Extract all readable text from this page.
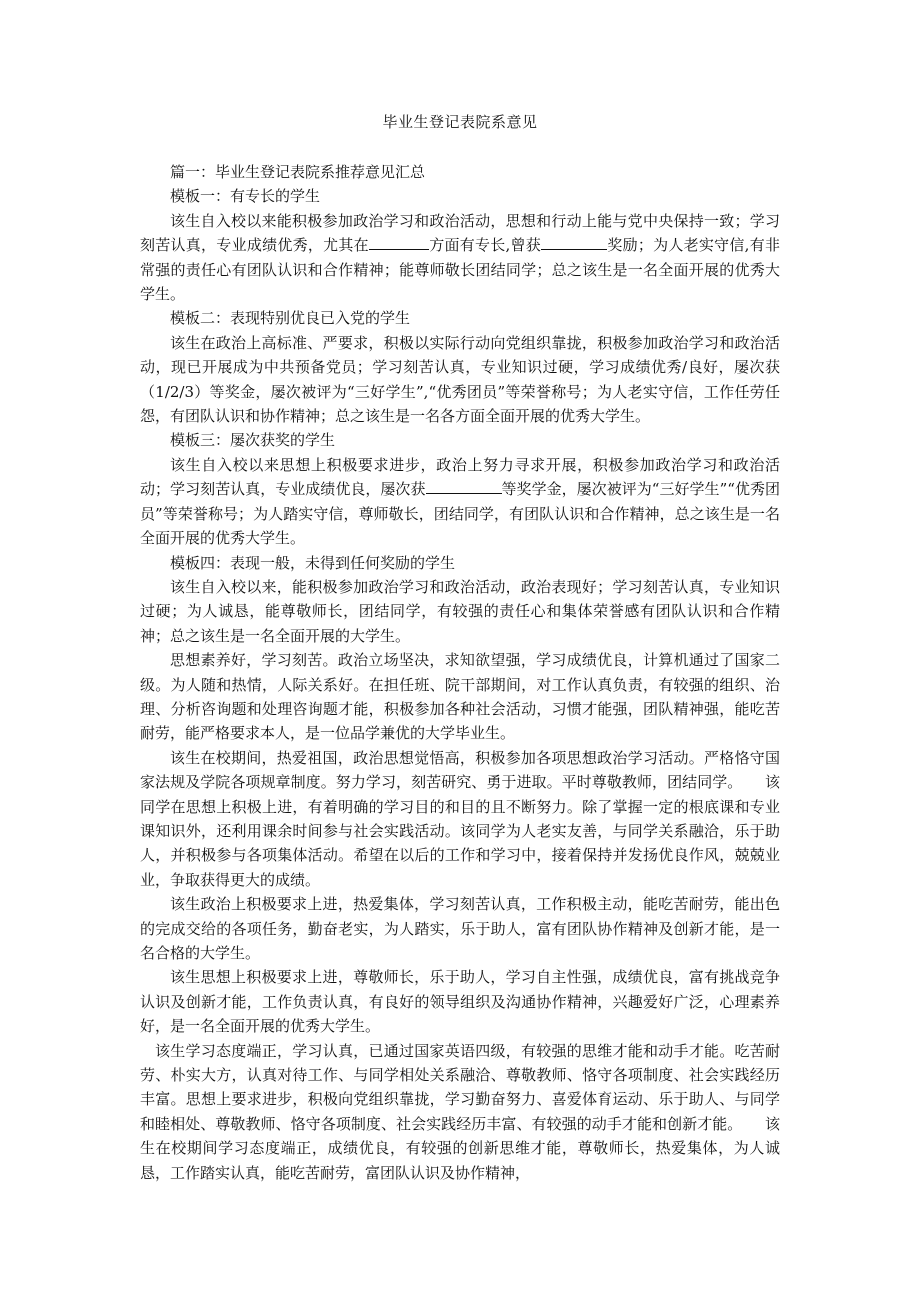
毕业生登记表院系意见

篇一：毕业生登记表院系推荐意见汇总

模板一：有专长的学生

该生自入校以来能积极参加政治学习和政治活动，思想和行动上能与党中央保持一致；学习刻苦认真，专业成绩优秀，尤其在	方面有专长,曾获	奖励；为人老实守信,有非常强的责任心有团队认识和合作精神；能尊师敬长团结同学；总之该生是一名全面开展的优秀大学生。

模板二：表现特别优良已入党的学生

该生在政治上高标准、严要求，积极以实际行动向党组织靠拢，积极参加政治学习和政治活动，现已开展成为中共预备党员；学习刻苦认真，专业知识过硬，学习成绩优秀/良好，屡次获（1/2/3）等奖金，屡次被评为“三好学生”,“优秀团员”等荣誉称号；为人老实守信，工作任劳任怨，有团队认识和协作精神；总之该生是一名各方面全面开展的优秀大学生。

模板三：屡次获奖的学生

该生自入校以来思想上积极要求进步，政治上努力寻求开展，积极参加政治学习和政治活动；学习刻苦认真，专业成绩优良，屡次获	等奖学金，屡次被评为“三好学生”“优秀团员”等荣誉称号；为人踏实守信，尊师敬长，团结同学，有团队认识和合作精神，总之该生是一名全面开展的优秀大学生。

模板四：表现一般，未得到任何奖励的学生

该生自入校以来，能积极参加政治学习和政治活动，政治表现好；学习刻苦认真，专业知识过硬；为人诚恳，能尊敬师长，团结同学，有较强的责任心和集体荣誉感有团队认识和合作精神；总之该生是一名全面开展的大学生。

思想素养好，学习刻苦。政治立场坚决，求知欲望强，学习成绩优良，计算机通过了国家二级。为人随和热情，人际关系好。在担任班、院干部期间，对工作认真负责，有较强的组织、治理、分析咨询题和处理咨询题才能，积极参加各种社会活动，习惯才能强，团队精神强，能吃苦耐劳，能严格要求本人，是一位品学兼优的大学毕业生。

该生在校期间，热爱祖国，政治思想觉悟高，积极参加各项思想政治学习活动。严格恪守国家法规及学院各项规章制度。努力学习，刻苦研究、勇于进取。平时尊敬教师，团结同学。　　该同学在思想上积极上进，有着明确的学习目的和目的且不断努力。除了掌握一定的根底课和专业课知识外，还利用课余时间参与社会实践活动。该同学为人老实友善，与同学关系融洽，乐于助人，并积极参与各项集体活动。希望在以后的工作和学习中，接着保持并发扬优良作风，兢兢业业，争取获得更大的成绩。

该生政治上积极要求上进，热爱集体，学习刻苦认真，工作积极主动，能吃苦耐劳，能出色的完成交给的各项任务，勤奋老实，为人踏实，乐于助人，富有团队协作精神及创新才能，是一名合格的大学生。

该生思想上积极要求上进，尊敬师长，乐于助人，学习自主性强，成绩优良，富有挑战竞争认识及创新才能，工作负责认真，有良好的领导组织及沟通协作精神，兴趣爱好广泛，心理素养好，是一名全面开展的优秀大学生。

该生学习态度端正，学习认真，已通过国家英语四级，有较强的思维才能和动手才能。吃苦耐劳、朴实大方，认真对待工作、与同学相处关系融洽、尊敬教师、恪守各项制度、社会实践经历丰富。思想上要求进步，积极向党组织靠拢，学习勤奋努力、喜爱体育运动、乐于助人、与同学和睦相处、尊敬教师、恪守各项制度、社会实践经历丰富、有较强的动手才能和创新才能。　　该生在校期间学习态度端正，成绩优良，有较强的创新思维才能，尊敬师长，热爱集体，为人诚恳，工作踏实认真，能吃苦耐劳，富团队认识及协作精神，
